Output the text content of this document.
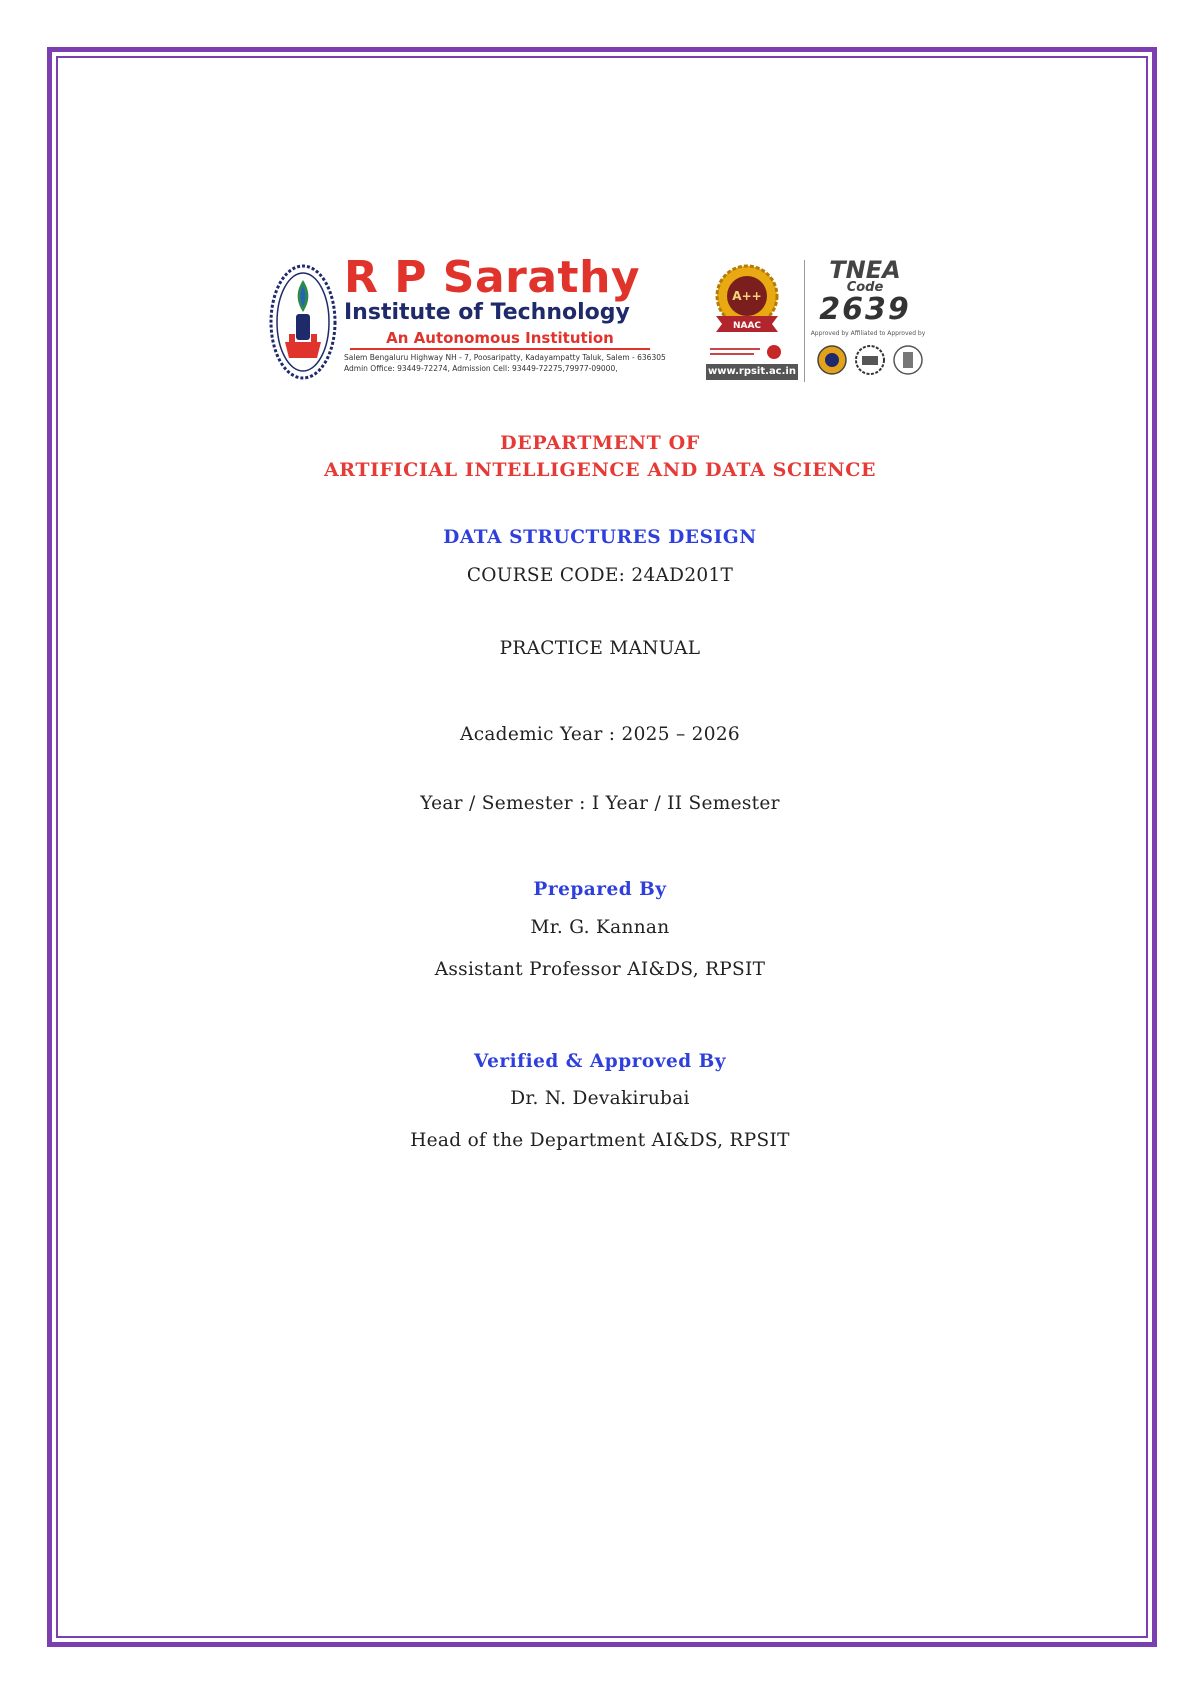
R P Sarathy
Institute of Technology
An Autonomous Institution
Salem Bengaluru Highway NH - 7, Poosaripatty, Kadayampatty Taluk, Salem - 636305
Admin Office: 93449-72274, Admission Cell: 93449-72275,79977-09000,
A++
NAAC
www.rpsit.ac.in
TNEA
Code
2639
Approved by Affiliated to Approved by
DEPARTMENT OF
ARTIFICIAL INTELLIGENCE AND DATA SCIENCE
DATA STRUCTURES DESIGN
COURSE CODE: 24AD201T
PRACTICE MANUAL
Academic Year : 2025 – 2026
Year / Semester : I Year / II Semester
Prepared By
Mr. G. Kannan
Assistant Professor AI&DS, RPSIT
Verified & Approved By
Dr. N. Devakirubai
Head of the Department AI&DS, RPSIT
